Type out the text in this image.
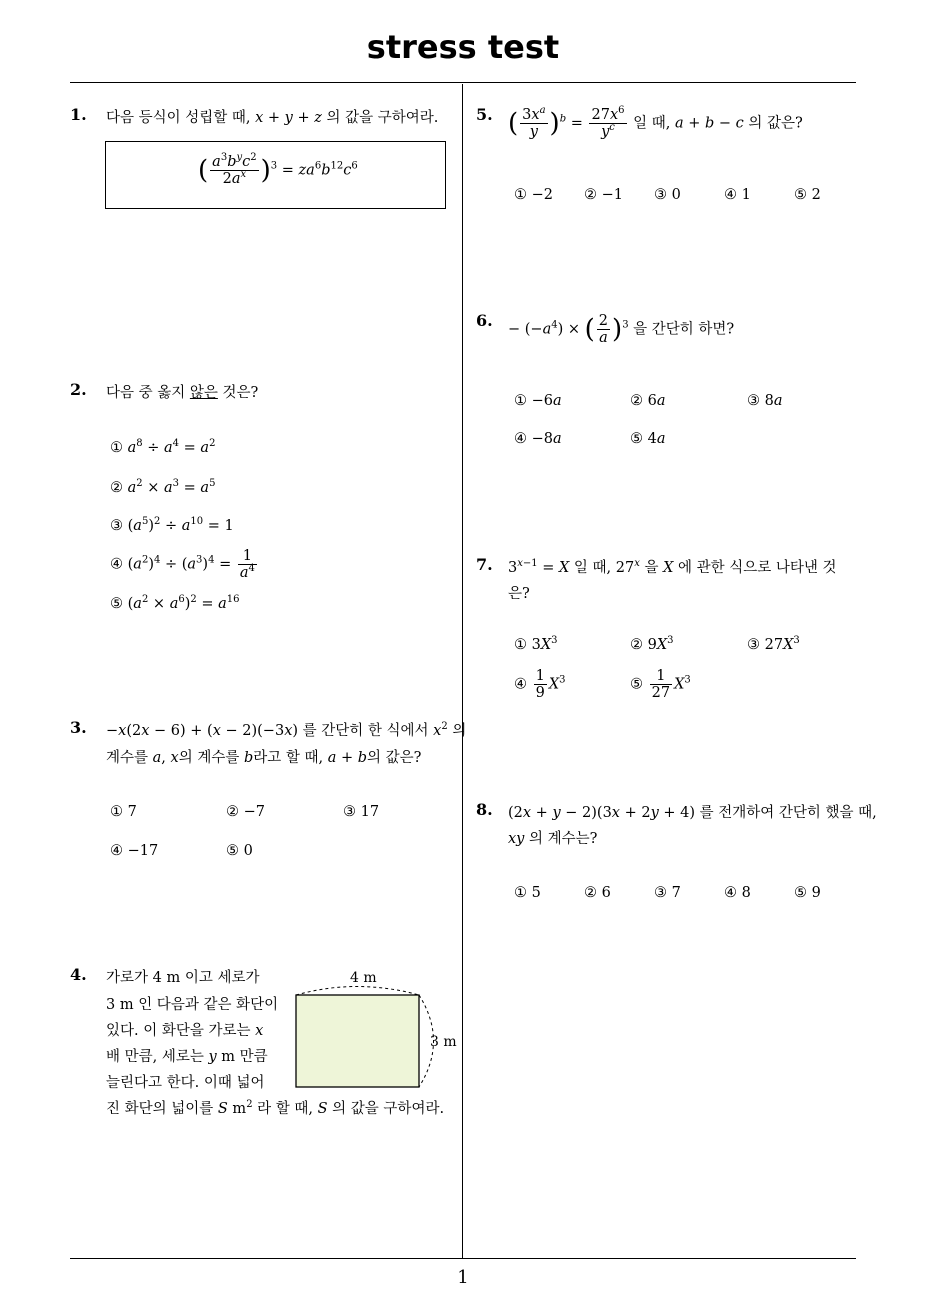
stress test
1
1. 다음 등식이 성립할 때, x + y + z 의 값을 구하여라.
( $\frac{a^3b^yc^2}{2a^x} )^3 = za^6b^{12}c^6$
2. 다음 중 옳지 않은 것은?
① $a^8 \div a^4 = a^2$
② $a^2 \times a^3 = a^5$
③ $(a^5)^2 \div a^{10} = 1$
④ $(a^2)^4 \div (a^3)^4 = \frac{1}{a^4}$
⑤ $(a^2 \times a^6)^2 = a^{16}$
3. −x(2x − 6) + (x − 2)(−3x) 를 간단히 한 식에서 $x^2$ 의
계수를 a, x의 계수를 b라고 할 때, a + b의 값은?
① 7	② −7	③ 17
④ −17	⑤ 0
4. 가로가 4 m 이고 세로가
3 m 인 다음과 같은 화단이
있다. 이 화단을 가로는 x
배 만큼, 세로는 y m 만큼
늘린다고 한다. 이때 넓어
진 화단의 넓이를 S $m^2$ 라 할 때, S 의 값을 구하여라.
4 m
3 m
5. ( $\frac{3x^a}{y} )^b = \frac{27x^6}{y^c}$ 일 때, a + b − c 의 값은?
① −2 ② −1 ③ 0	④ 1	⑤ 2
6. − $(-a^4)$ × ( $\frac{2}{a} )^3$ 을 간단히 하면?
① −6a	② 6a	③ 8a
④ −8a	⑤ 4a
7. $3^{x-1} = X$ 일 때, 27$^x$ 을 X 에 관한 식으로 나타낸 것
은?
① $3X^3$	② $9X^3$	③ $27X^3$
④ $\frac{1}{9} X^3$	⑤ $\frac{1}{27} X^3$
8. (2x + y − 2)(3x + 2y + 4) 를 전개하여 간단히 했을 때,
xy 의 계수는?
① 5	② 6	③ 7	④ 8	⑤ 9
